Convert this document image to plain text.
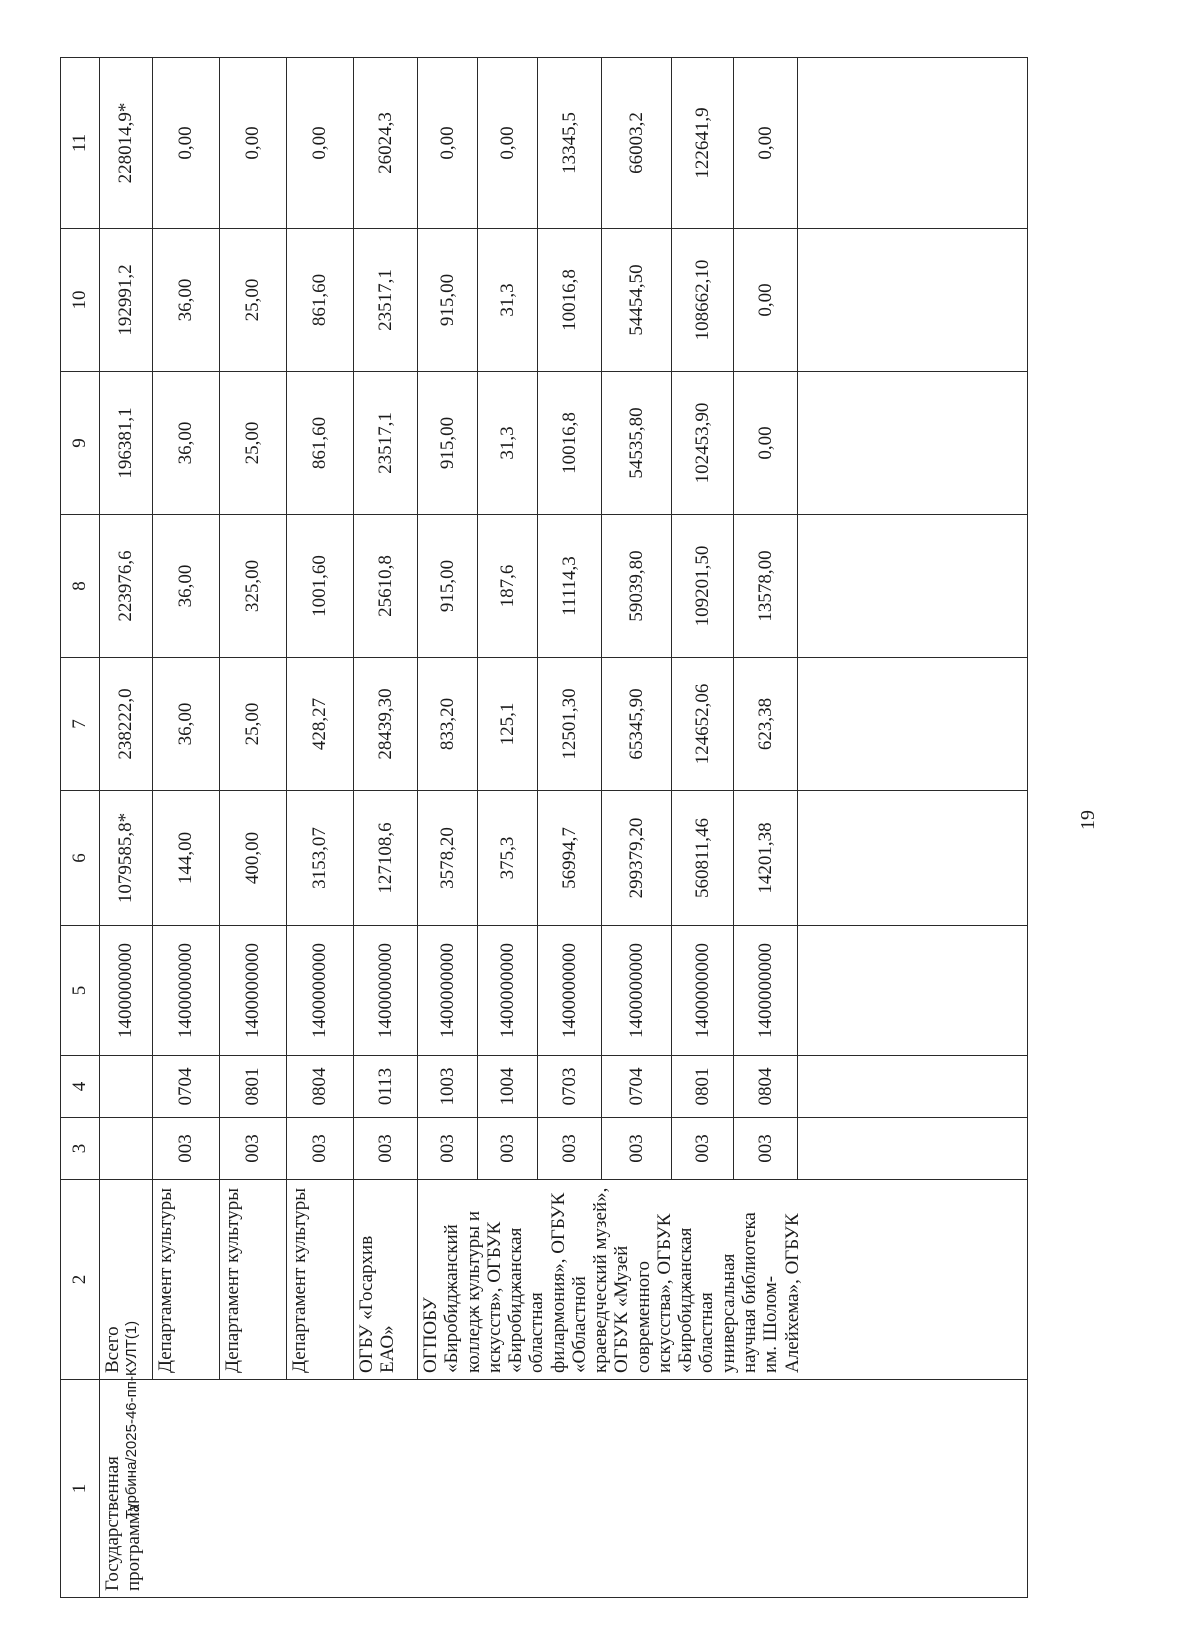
19
Турбина/2025-46-пп-КУЛТ(1)
1	2	3	4	5	6	7	8	9	10	11
Государственная программа	Всего			1400000000	1079585,8*	238222,0	223976,6	196381,1	192991,2	228014,9*
	Департамент культуры	003	0704	1400000000	144,00	36,00	36,00	36,00	36,00	0,00
	Департамент культуры	003	0801	1400000000	400,00	25,00	325,00	25,00	25,00	0,00
	Департамент культуры	003	0804	1400000000	3153,07	428,27	1001,60	861,60	861,60	0,00
	ОГБУ «Госархив ЕАО»	003	0113	1400000000	127108,6	28439,30	25610,8	23517,1	23517,1	26024,3
	ОГПОБУ «Биробиджанский колледж культуры и искусств», ОГБУК «Биробиджанская областная филармония», ОГБУК «Областной краеведческий музей», ОГБУК «Музей современного искусства», ОГБУК «Биробиджанская областная универсальная научная библиотека им. Шолом-Алейхема», ОГБУК	003	1003	1400000000	3578,20	833,20	915,00	915,00	915,00	0,00
		003	1004	1400000000	375,3	125,1	187,6	31,3	31,3	0,00
		003	0703	1400000000	56994,7	12501,30	11114,3	10016,8	10016,8	13345,5
		003	0704	1400000000	299379,20	65345,90	59039,80	54535,80	54454,50	66003,2
		003	0801	1400000000	560811,46	124652,06	109201,50	102453,90	108662,10	122641,9
		003	0804	1400000000	14201,38	623,38	13578,00	0,00	0,00	0,00
